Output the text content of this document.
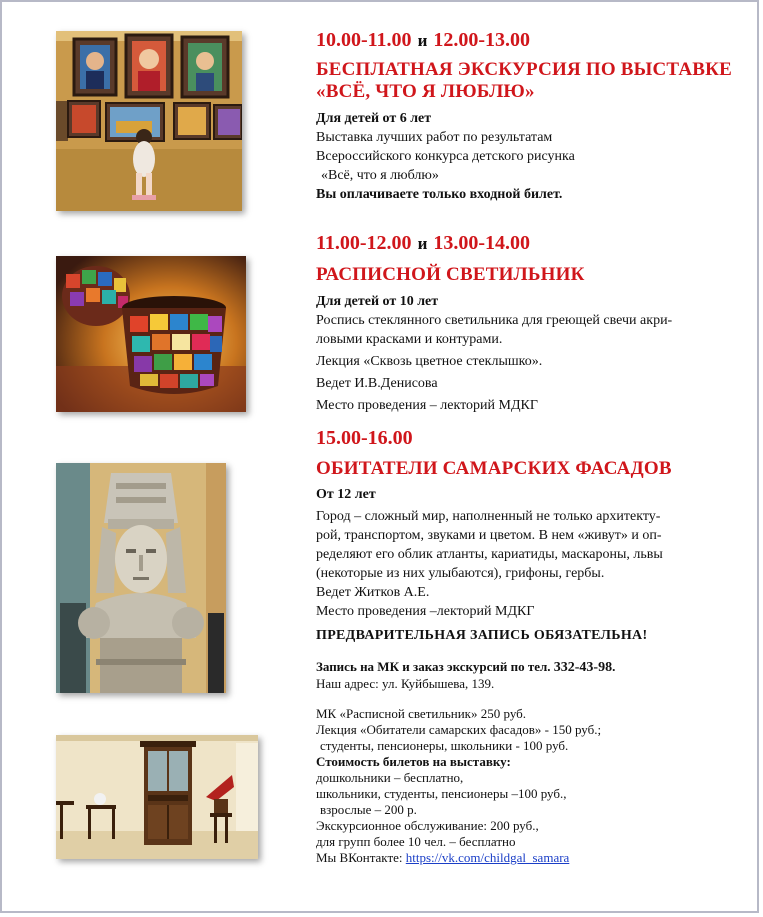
10.00-11.00 и 12.00-13.00
БЕСПЛАТНАЯ ЭКСКУРСИЯ ПО ВЫСТАВКЕ
«ВСЁ, ЧТО Я ЛЮБЛЮ»
Для детей от 6 лет
Выставка лучших работ по результатам
Всероссийского конкурса детского рисунка
«Всё, что я люблю»
Вы оплачиваете только входной билет.
11.00-12.00 и 13.00-14.00
РАСПИСНОЙ СВЕТИЛЬНИК
Для детей от 10 лет
Роспись стеклянного светильника для греющей свечи акри-
ловыми красками и контурами.
Лекция «Сквозь цветное стеклышко».
Ведет И.В.Денисова
Место проведения – лекторий МДКГ
15.00-16.00
ОБИТАТЕЛИ САМАРСКИХ ФАСАДОВ
От 12 лет
Город – сложный мир, наполненный не только архитекту-
рой, транспортом, звуками и цветом. В нем «живут» и оп-
ределяют его облик атланты, кариатиды, маскароны, львы
(некоторые из них улыбаются), грифоны, гербы.
Ведет Житков А.Е.
Место проведения –лекторий МДКГ
ПРЕДВАРИТЕЛЬНАЯ ЗАПИСЬ ОБЯЗАТЕЛЬНА!
Запись на МК и заказ экскурсий по тел. 332-43-98.
Наш адрес: ул. Куйбышева, 139.
МК «Расписной светильник» 250 руб.
Лекция «Обитатели самарских фасадов» - 150 руб.;
студенты, пенсионеры, школьники - 100 руб.
Стоимость билетов на выставку:
дошкольники – бесплатно,
школьники, студенты, пенсионеры –100 руб.,
взрослые – 200 р.
Экскурсионное обслуживание: 200 руб.,
для групп более 10 чел. – бесплатно
Мы ВКонтакте: https://vk.com/childgal_samara
